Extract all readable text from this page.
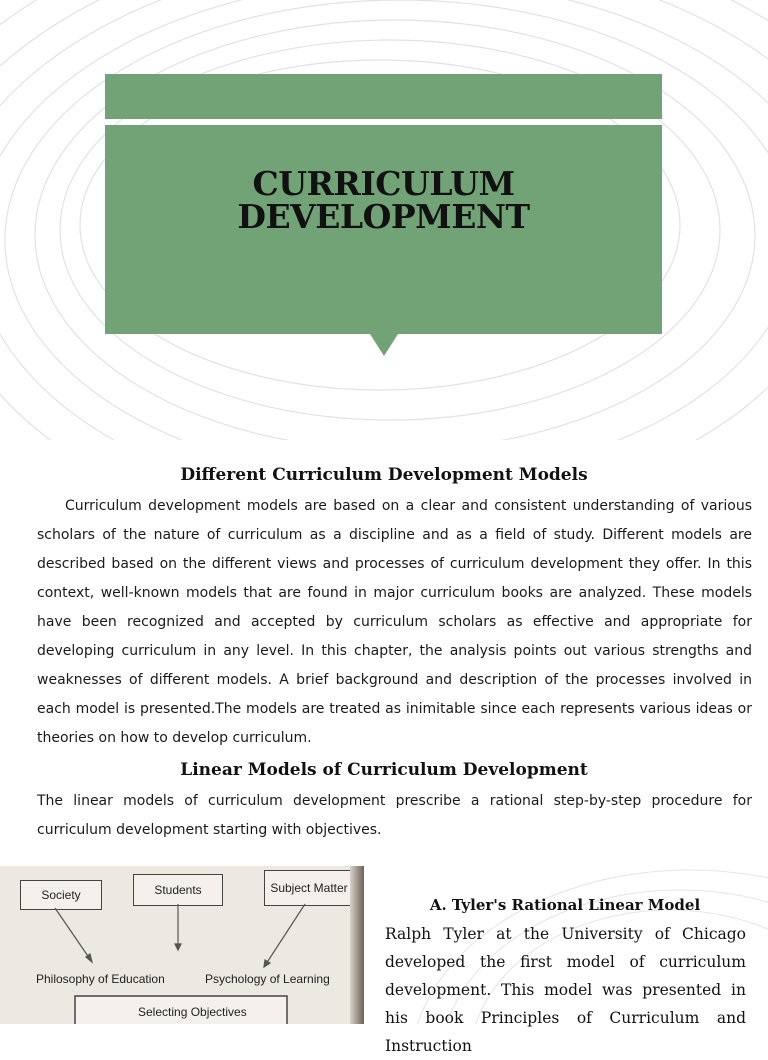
CURRICULUM
DEVELOPMENT
Different Curriculum Development Models

Curriculum development models are based on a clear and consistent understanding of various scholars of the nature of curriculum as a discipline and as a field of study. Different models are described based on the different views and processes of curriculum development they offer. In this context, well-known models that are found in major curriculum books are analyzed. These models have been recognized and accepted by curriculum scholars as effective and appropriate for developing curriculum in any level. In this chapter, the analysis points out various strengths and weaknesses of different models. A brief background and description of the processes involved in each model is presented.The models are treated as inimitable since each represents various ideas or theories on how to develop curriculum.

Linear Models of Curriculum Development

The linear models of curriculum development prescribe a rational step-by-step procedure for curriculum development starting with objectives.

Society	Students	Subject Matter
Philosophy of Education	Psychology of Learning
Selecting Objectives
A. Tyler's Rational Linear Model

Ralph Tyler at the University of Chicago developed the first model of curriculum development. This model was presented in his book Principles of Curriculum and Instruction
